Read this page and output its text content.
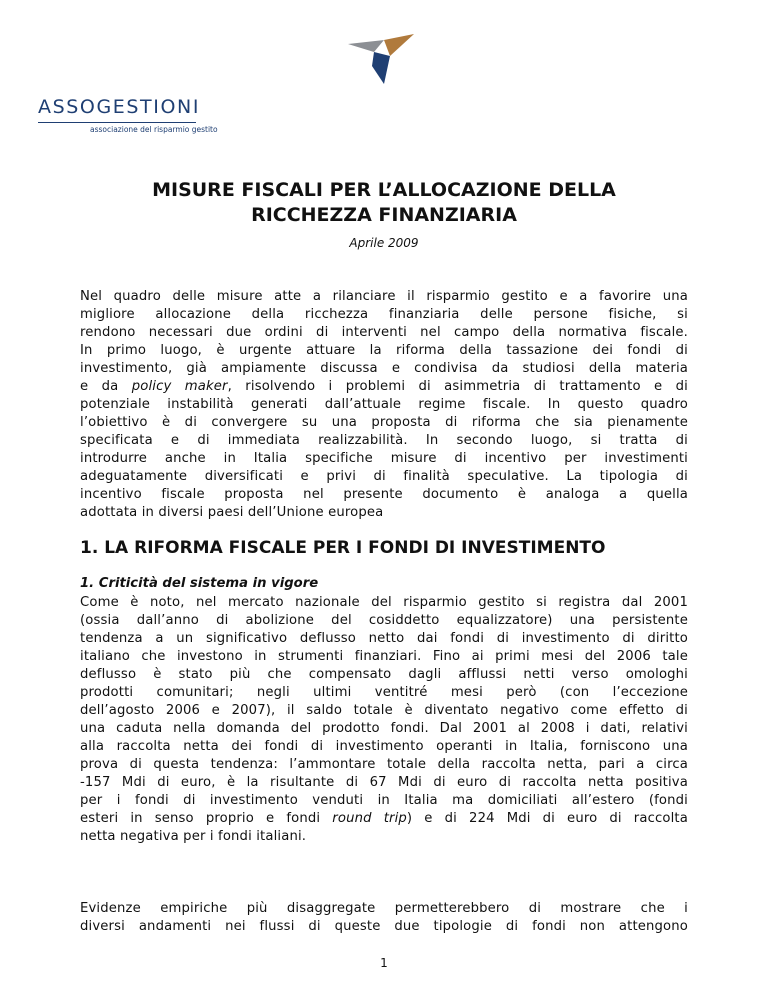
ASSOGESTIONI
associazione del risparmio gestito
MISURE FISCALI PER L’ALLOCAZIONE DELLA
RICCHEZZA FINANZIARIA
Aprile 2009
Nel quadro delle misure atte a rilanciare il risparmio gestito e a favorire una
migliore allocazione della ricchezza finanziaria delle persone fisiche, si
rendono necessari due ordini di interventi nel campo della normativa fiscale.
In primo luogo, è urgente attuare la riforma della tassazione dei fondi di
investimento, già ampiamente discussa e condivisa da studiosi della materia
e da policy maker, risolvendo i problemi di asimmetria di trattamento e di
potenziale instabilità generati dall’attuale regime fiscale. In questo quadro
l’obiettivo è di convergere su una proposta di riforma che sia pienamente
specificata e di immediata realizzabilità. In secondo luogo, si tratta di
introdurre anche in Italia specifiche misure di incentivo per investimenti
adeguatamente diversificati e privi di finalità speculative. La tipologia di
incentivo fiscale proposta nel presente documento è analoga a quella
adottata in diversi paesi dell’Unione europea
1. LA RIFORMA FISCALE PER I FONDI DI INVESTIMENTO
1. Criticità del sistema in vigore
Come è noto, nel mercato nazionale del risparmio gestito si registra dal 2001
(ossia dall’anno di abolizione del cosiddetto equalizzatore) una persistente
tendenza a un significativo deflusso netto dai fondi di investimento di diritto
italiano che investono in strumenti finanziari. Fino ai primi mesi del 2006 tale
deflusso è stato più che compensato dagli afflussi netti verso omologhi
prodotti comunitari; negli ultimi ventitré mesi però (con l’eccezione
dell’agosto 2006 e 2007), il saldo totale è diventato negativo come effetto di
una caduta nella domanda del prodotto fondi. Dal 2001 al 2008 i dati, relativi
alla raccolta netta dei fondi di investimento operanti in Italia, forniscono una
prova di questa tendenza: l’ammontare totale della raccolta netta, pari a circa
-157 Mdi di euro, è la risultante di 67 Mdi di euro di raccolta netta positiva
per i fondi di investimento venduti in Italia ma domiciliati all’estero (fondi
esteri in senso proprio e fondi round trip) e di 224 Mdi di euro di raccolta
netta negativa per i fondi italiani.
Evidenze empiriche più disaggregate permetterebbero di mostrare che i
diversi andamenti nei flussi di queste due tipologie di fondi non attengono
1
